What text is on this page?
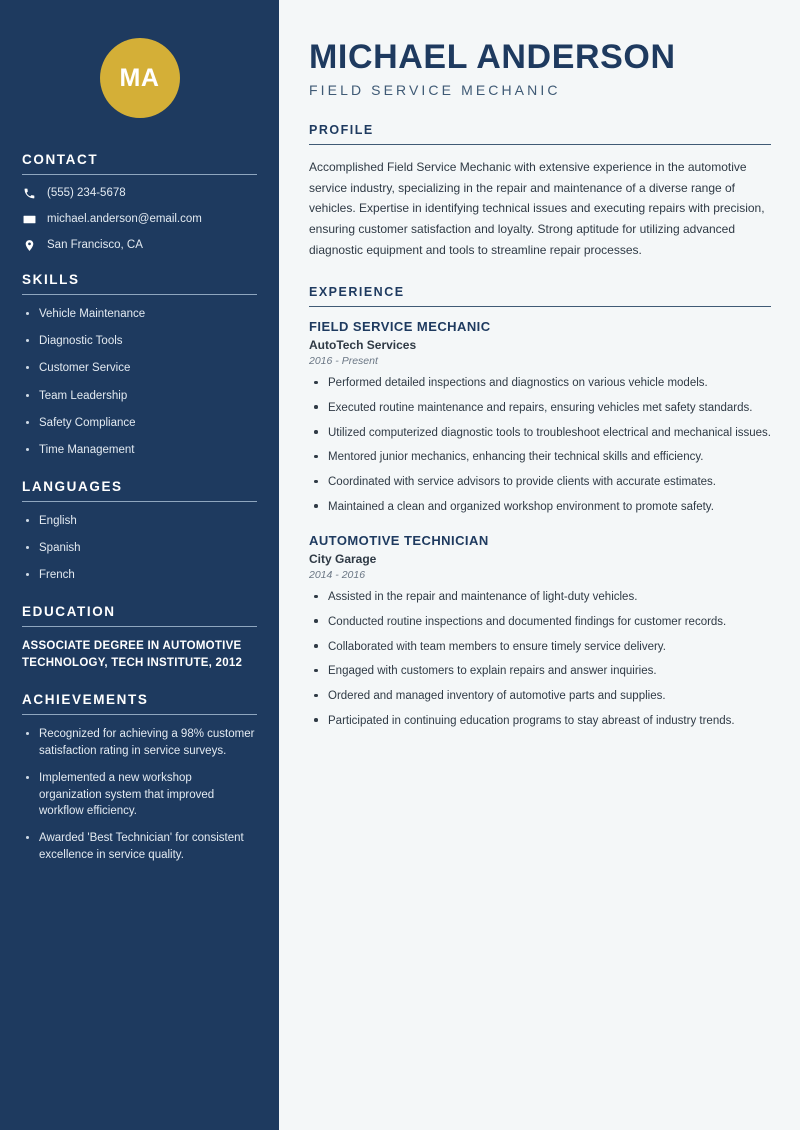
MA
CONTACT
(555) 234-5678
michael.anderson@email.com
San Francisco, CA
SKILLS
Vehicle Maintenance
Diagnostic Tools
Customer Service
Team Leadership
Safety Compliance
Time Management
LANGUAGES
English
Spanish
French
EDUCATION
ASSOCIATE DEGREE IN AUTOMOTIVE TECHNOLOGY, TECH INSTITUTE, 2012
ACHIEVEMENTS
Recognized for achieving a 98% customer satisfaction rating in service surveys.
Implemented a new workshop organization system that improved workflow efficiency.
Awarded 'Best Technician' for consistent excellence in service quality.
MICHAEL ANDERSON
FIELD SERVICE MECHANIC
PROFILE

Accomplished Field Service Mechanic with extensive experience in the automotive service industry, specializing in the repair and maintenance of a diverse range of vehicles. Expertise in identifying technical issues and executing repairs with precision, ensuring customer satisfaction and loyalty. Strong aptitude for utilizing advanced diagnostic equipment and tools to streamline repair processes.

EXPERIENCE
FIELD SERVICE MECHANIC
AutoTech Services
2016 - Present
Performed detailed inspections and diagnostics on various vehicle models.
Executed routine maintenance and repairs, ensuring vehicles met safety standards.
Utilized computerized diagnostic tools to troubleshoot electrical and mechanical issues.
Mentored junior mechanics, enhancing their technical skills and efficiency.
Coordinated with service advisors to provide clients with accurate estimates.
Maintained a clean and organized workshop environment to promote safety.
AUTOMOTIVE TECHNICIAN
City Garage
2014 - 2016
Assisted in the repair and maintenance of light-duty vehicles.
Conducted routine inspections and documented findings for customer records.
Collaborated with team members to ensure timely service delivery.
Engaged with customers to explain repairs and answer inquiries.
Ordered and managed inventory of automotive parts and supplies.
Participated in continuing education programs to stay abreast of industry trends.
